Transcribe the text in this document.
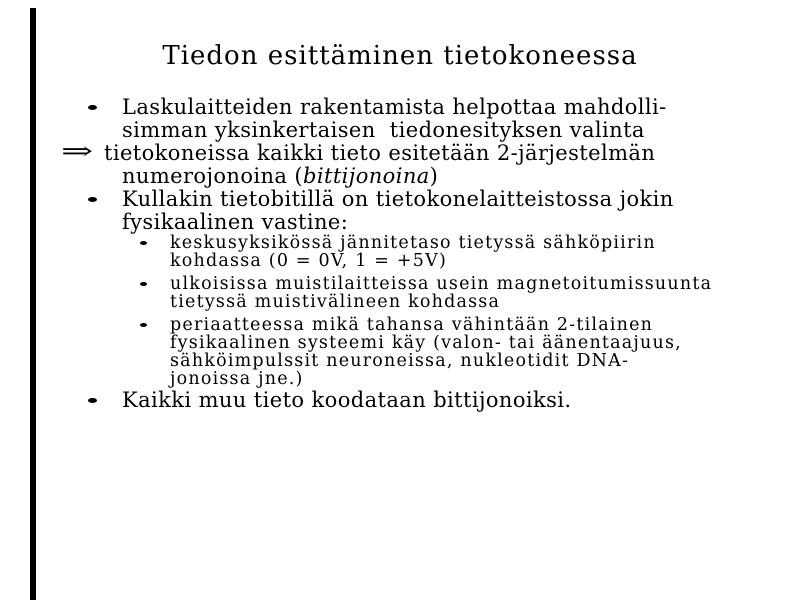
Tiedon esittäminen tietokoneessa
Laskulaitteiden rakentamista helpottaa mahdolli-
simman yksinkertaisen  tiedonesityksen valinta
⇒ tietokoneissa kaikki tieto esitetään 2-järjestelmän
numerojonoina (bittijonoina)
Kullakin tietobitillä on tietokonelaitteistossa jokin
fysikaalinen vastine:
keskusyksikössä jännitetaso tietyssä sähköpiirin
kohdassa (0 = 0V, 1 = +5V)
ulkoisissa muistilaitteissa usein magnetoitumissuunta
tietyssä muistivälineen kohdassa
periaatteessa mikä tahansa vähintään 2-tilainen
fysikaalinen systeemi käy (valon- tai äänentaajuus,
sähköimpulssit neuroneissa, nukleotidit DNA-
jonoissa jne.)
Kaikki muu tieto koodataan bittijonoiksi.
